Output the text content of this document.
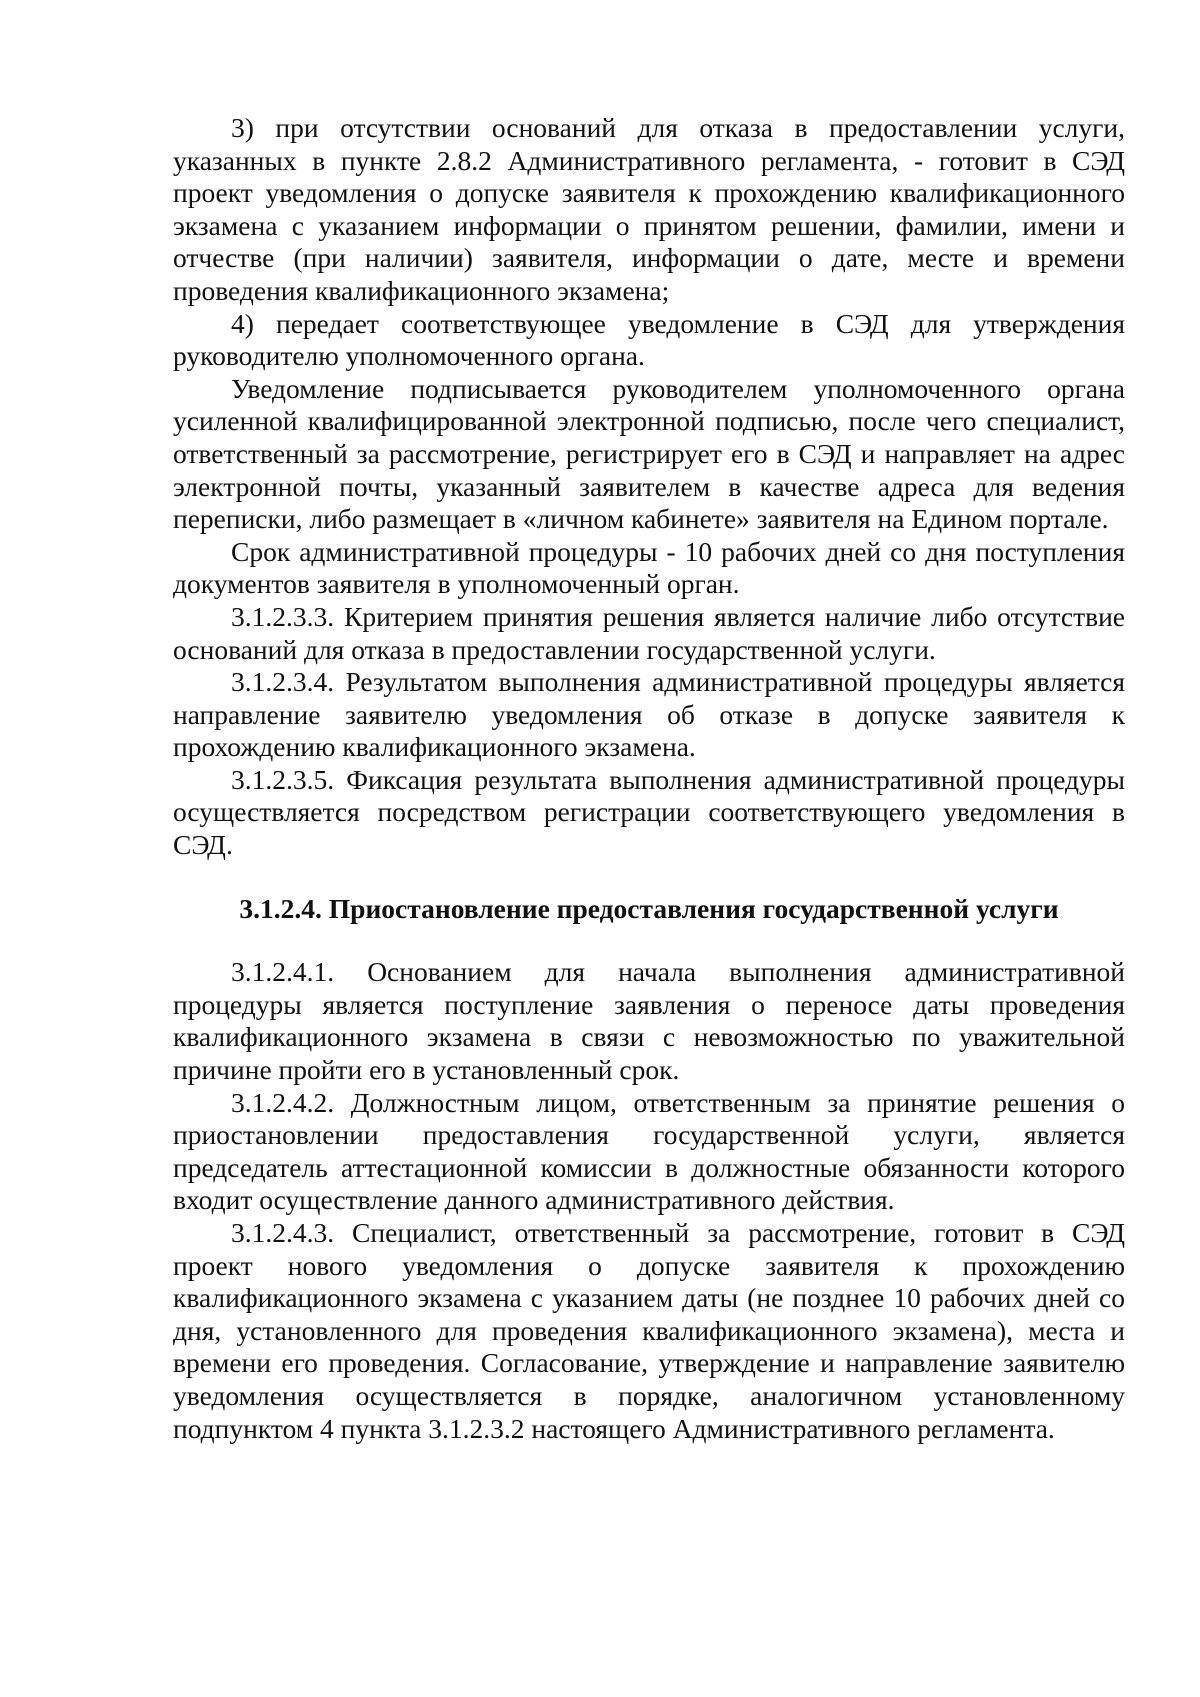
3) при отсутствии оснований для отказа в предоставлении услуги, указанных в пункте 2.8.2 Административного регламента, - готовит в СЭД проект уведомления о допуске заявителя к прохождению квалификационного экзамена с указанием информации о принятом решении, фамилии, имени и отчестве (при наличии) заявителя, информации о дате, месте и времени проведения квалификационного экзамена;

4) передает соответствующее уведомление в СЭД для утверждения руководителю уполномоченного органа.

Уведомление подписывается руководителем уполномоченного органа усиленной квалифицированной электронной подписью, после чего специалист, ответственный за рассмотрение, регистрирует его в СЭД и направляет на адрес электронной почты, указанный заявителем в качестве адреса для ведения переписки, либо размещает в «личном кабинете» заявителя на Едином портале.

Срок административной процедуры - 10 рабочих дней со дня поступления документов заявителя в уполномоченный орган.

3.1.2.3.3. Критерием принятия решения является наличие либо отсутствие оснований для отказа в предоставлении государственной услуги.

3.1.2.3.4. Результатом выполнения административной процедуры является направление заявителю уведомления об отказе в допуске заявителя к прохождению квалификационного экзамена.

3.1.2.3.5. Фиксация результата выполнения административной процедуры осуществляется посредством регистрации соответствующего уведомления в СЭД.

3.1.2.4. Приостановление предоставления государственной услуги

3.1.2.4.1. Основанием для начала выполнения административной процедуры является поступление заявления о переносе даты проведения квалификационного экзамена в связи с невозможностью по уважительной причине пройти его в установленный срок.

3.1.2.4.2. Должностным лицом, ответственным за принятие решения о приостановлении предоставления государственной услуги, является председатель аттестационной комиссии в должностные обязанности которого входит осуществление данного административного действия.

3.1.2.4.3. Специалист, ответственный за рассмотрение, готовит в СЭД проект нового уведомления о допуске заявителя к прохождению квалификационного экзамена с указанием даты (не позднее 10 рабочих дней со дня, установленного для проведения квалификационного экзамена), места и времени его проведения. Согласование, утверждение и направление заявителю уведомления осуществляется в порядке, аналогичном установленному подпунктом 4 пункта 3.1.2.3.2 настоящего Административного регламента.
